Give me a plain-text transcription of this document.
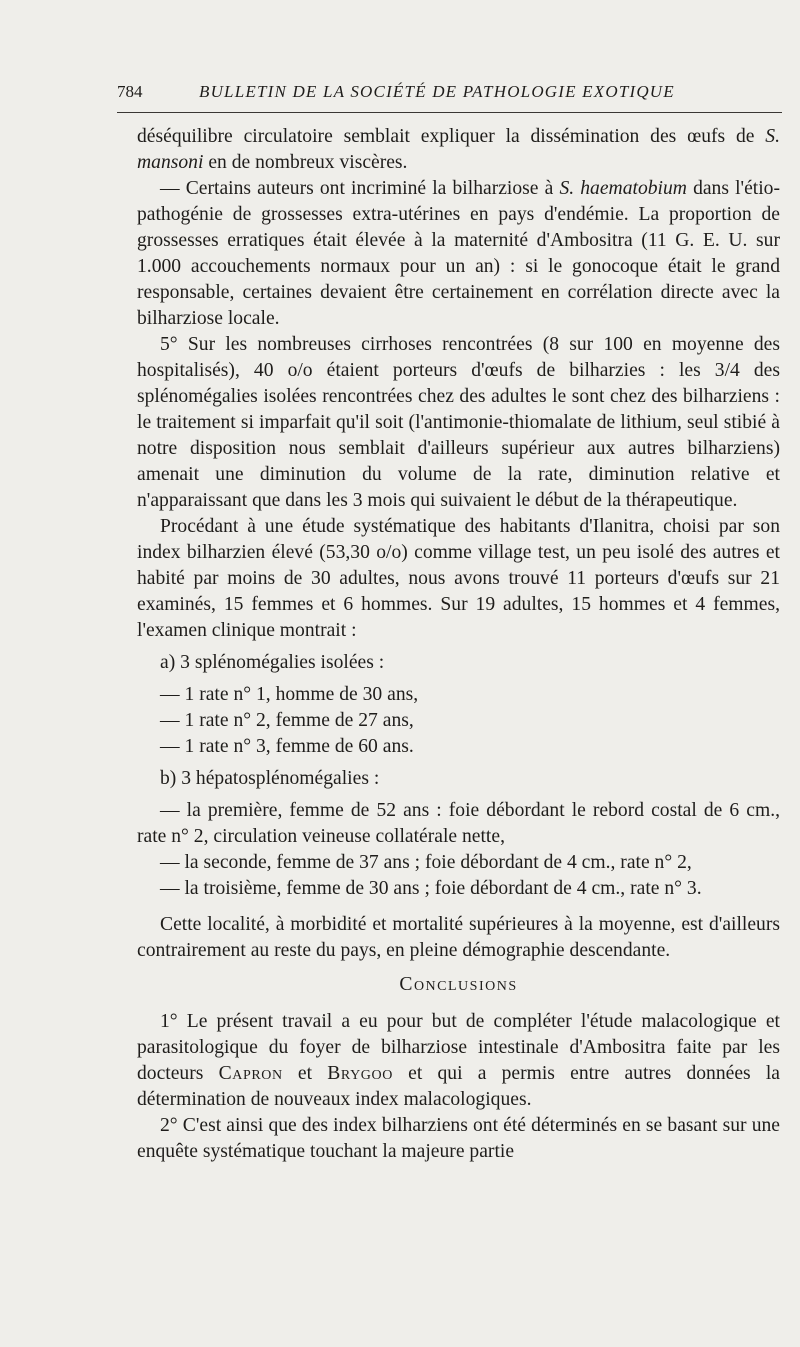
784	BULLETIN DE LA SOCIÉTÉ DE PATHOLOGIE EXOTIQUE

déséquilibre circulatoire semblait expliquer la dissémination des œufs de S. mansoni en de nombreux viscères.

— Certains auteurs ont incriminé la bilharziose à S. haematobium dans l'étio-pathogénie de grossesses extra-utérines en pays d'endémie. La proportion de grossesses erratiques était élevée à la maternité d'Ambositra (11 G. E. U. sur 1.000 accouchements normaux pour un an) : si le gonocoque était le grand responsable, certaines devaient être certainement en corrélation directe avec la bilharziose locale.

5° Sur les nombreuses cirrhoses rencontrées (8 sur 100 en moyenne des hospitalisés), 40 o/o étaient porteurs d'œufs de bilharzies : les 3/4 des splénomégalies isolées rencontrées chez des adultes le sont chez des bilharziens : le traitement si imparfait qu'il soit (l'antimonie-thiomalate de lithium, seul stibié à notre disposition nous semblait d'ailleurs supérieur aux autres bilharziens) amenait une diminution du volume de la rate, diminution relative et n'apparaissant que dans les 3 mois qui suivaient le début de la thérapeutique.

Procédant à une étude systématique des habitants d'Ilanitra, choisi par son index bilharzien élevé (53,30 o/o) comme village test, un peu isolé des autres et habité par moins de 30 adultes, nous avons trouvé 11 porteurs d'œufs sur 21 examinés, 15 femmes et 6 hommes. Sur 19 adultes, 15 hommes et 4 femmes, l'examen clinique montrait :

a) 3 splénomégalies isolées :

— 1 rate n° 1, homme de 30 ans,

— 1 rate n° 2, femme de 27 ans,

— 1 rate n° 3, femme de 60 ans.

b) 3 hépatosplénomégalies :

— la première, femme de 52 ans : foie débordant le rebord costal de 6 cm., rate n° 2, circulation veineuse collatérale nette,

— la seconde, femme de 37 ans ; foie débordant de 4 cm., rate n° 2,

— la troisième, femme de 30 ans ; foie débordant de 4 cm., rate n° 3.

Cette localité, à morbidité et mortalité supérieures à la moyenne, est d'ailleurs contrairement au reste du pays, en pleine démographie descendante.

Conclusions

1° Le présent travail a eu pour but de compléter l'étude malacologique et parasitologique du foyer de bilharziose intestinale d'Ambositra faite par les docteurs Capron et Brygoo et qui a permis entre autres données la détermination de nouveaux index malacologiques.

2° C'est ainsi que des index bilharziens ont été déterminés en se basant sur une enquête systématique touchant la majeure partie
